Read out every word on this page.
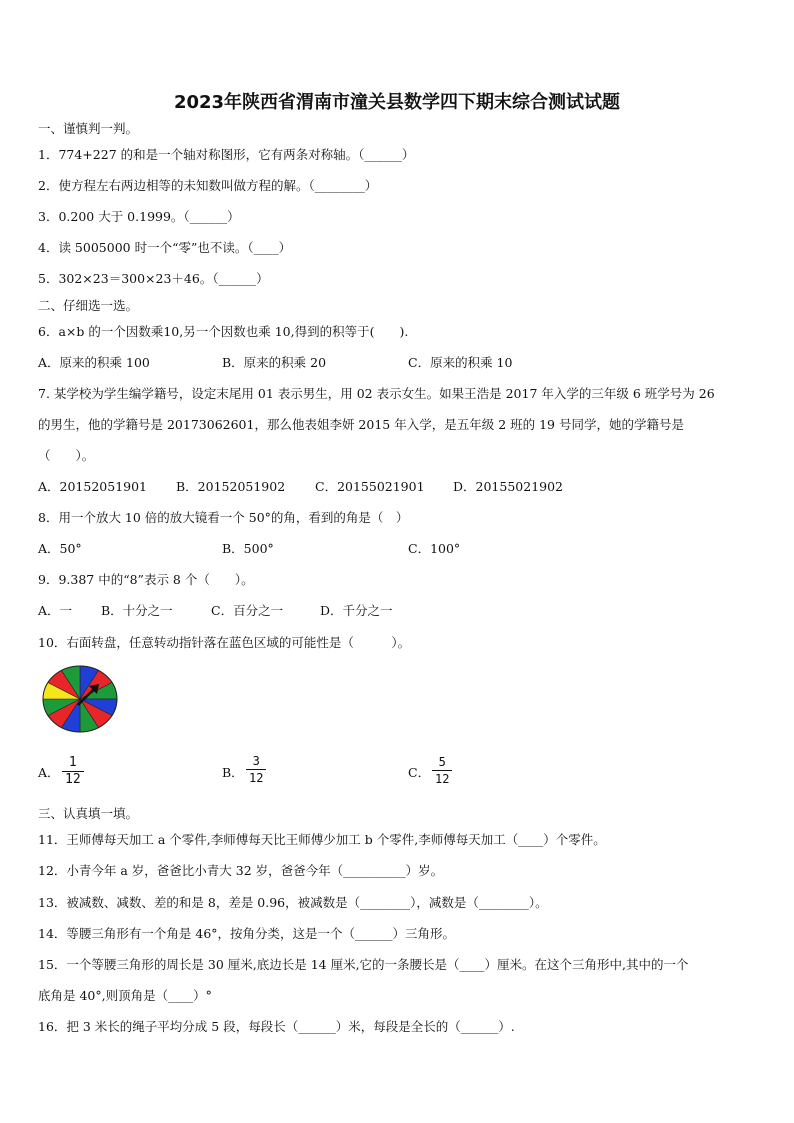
2023年陕西省渭南市潼关县数学四下期末综合测试试题
一、谨慎判一判。
1．774+227 的和是一个轴对称图形，它有两条对称轴。（______）
2．使方程左右两边相等的未知数叫做方程的解。（________）
3．0.200 大于 0.1999。（______）
4．读 5005000 时一个“零”也不读。（____）
5．302×23＝300×23＋46。（______）
二、仔细选一选。
6．a×b 的一个因数乘10,另一个因数也乘 10,得到的积等于(　　).
A．原来的积乘 100	B．原来的积乘 20	C．原来的积乘 10
7. 某学校为学生编学籍号，设定末尾用 01 表示男生，用 02 表示女生。如果王浩是 2017 年入学的三年级 6 班学号为 26
的男生，他的学籍号是 20173062601，那么他表姐李妍 2015 年入学，是五年级 2 班的 19 号同学，她的学籍号是
（　　）。
A．20152051901 B．20152051902 C．20155021901 D．20155021902
8．用一个放大 10 倍的放大镜看一个 50°的角，看到的角是（　）
A．50°	B．500°	C．100°
9．9.387 中的“8”表示 8 个（　　）。
A．一 B．十分之一	C．百分之一	D．千分之一
10．右面转盘，任意转动指针落在蓝色区域的可能性是（　　　）。
A．
1
12	B．
3
12	C．
5
12
三、认真填一填。
11．王师傅每天加工 a 个零件,李师傅每天比王师傅少加工 b 个零件,李师傅每天加工（____）个零件。
12．小青今年 a 岁，爸爸比小青大 32 岁，爸爸今年（__________）岁。
13．被减数、减数、差的和是 8，差是 0.96，被减数是（________），减数是（________）。
14．等腰三角形有一个角是 46°，按角分类，这是一个（______）三角形。
15．一个等腰三角形的周长是 30 厘米,底边长是 14 厘米,它的一条腰长是（____）厘米。在这个三角形中,其中的一个
底角是 40°,则顶角是（____）°
16．把 3 米长的绳子平均分成 5 段，每段长（______）米，每段是全长的（______）.
